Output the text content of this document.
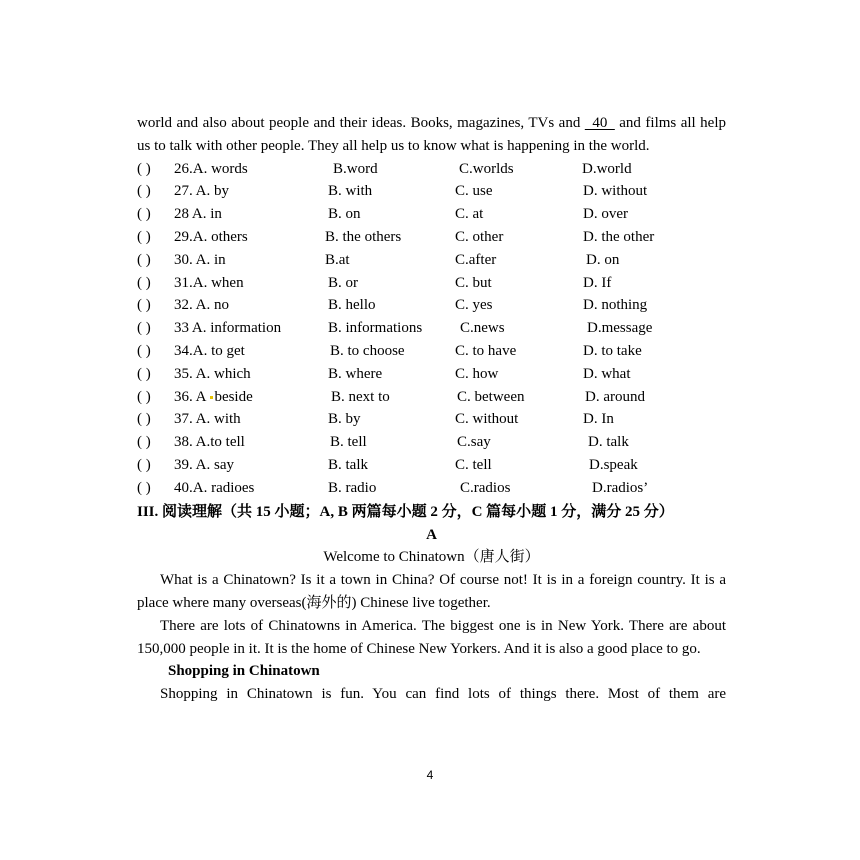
world and also about people and their ideas. Books, magazines, TVs and   40   and films all help us to talk with other people. They all help us to know what is happening in the world.

( ) 26.A. words	B.word	C.worlds	D.world
( ) 27. A. by	B. with	C. use	D. without
( ) 28 A. in	B. on	C. at	D. over
( ) 29.A. others	B. the others	C. other	D. the other
( ) 30. A. in	B.at	C.after	D. on
( ) 31.A. when	B. or	C. but	D. If
( ) 32. A. no	B. hello	C. yes	D. nothing
( ) 33 A. information	B. informations	C.news	D.message
( ) 34.A. to get	B. to choose	C. to have	D. to take
( ) 35. A. which	B. where	C. how	D. what
( ) 36. A beside	B. next to	C. between	D. around
( ) 37. A. with	B. by	C. without	D. In
( ) 38. A.to tell	B. tell	C.say	D. talk
( ) 39. A. say	B. talk	C. tell	D.speak
( ) 40.A. radioes	B. radio	C.radios	D.radios’
III. 阅读理解（共 15 小题；A, B 两篇每小题 2 分，C 篇每小题 1 分，满分 25 分）
A
Welcome to Chinatown（唐人街）

What is a Chinatown? Is it a town in China? Of course not! It is in a foreign country. It is a place where many overseas(海外的) Chinese live together.

There are lots of Chinatowns in America. The biggest one is in New York. There are about 150,000 people in it. It is the home of Chinese New Yorkers. And it is also a good place to go.

Shopping in Chinatown

Shopping in Chinatown is fun. You can find lots of things there. Most of them are

4
